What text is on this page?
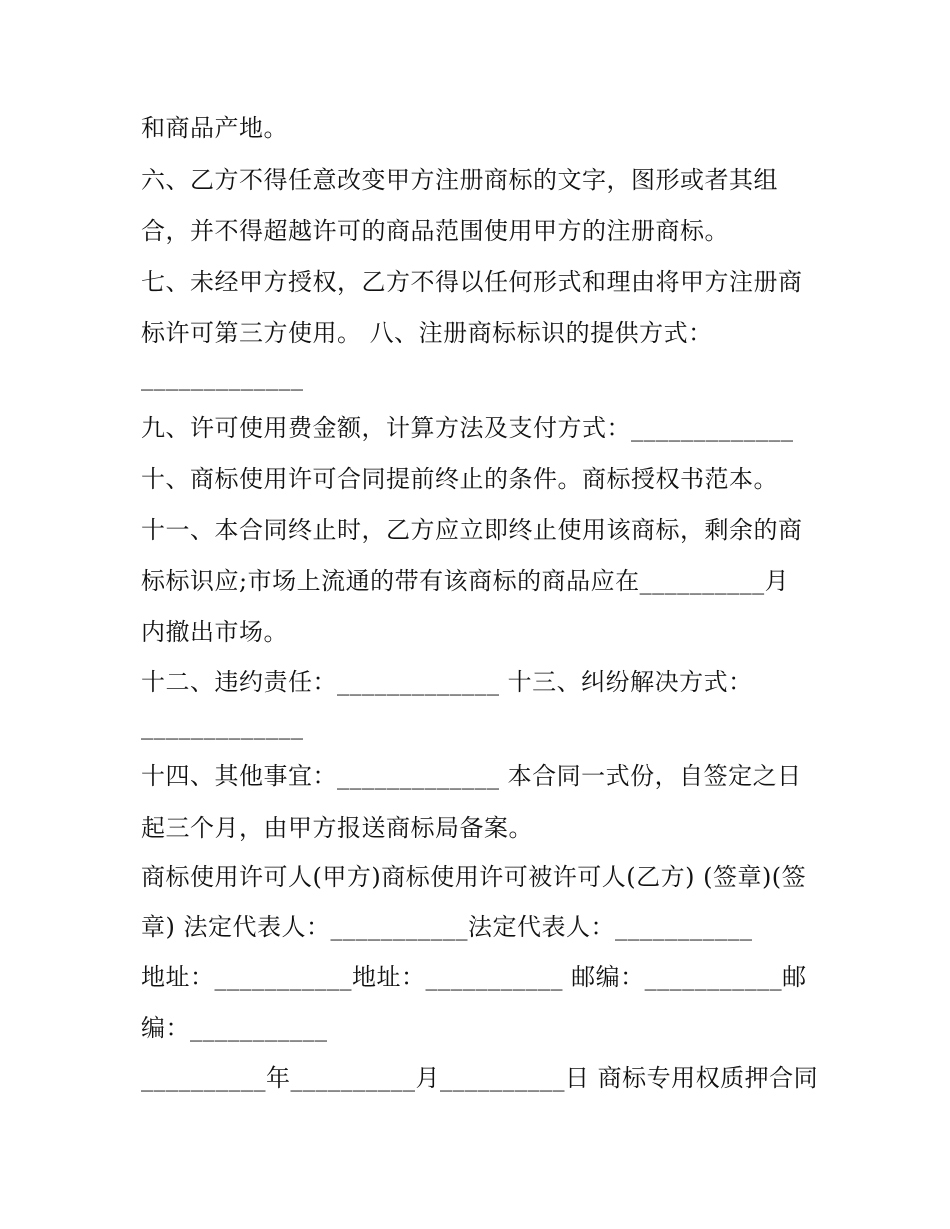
和商品产地。
六、乙方不得任意改变甲方注册商标的文字，图形或者其组
合，并不得超越许可的商品范围使用甲方的注册商标。
七、未经甲方授权，乙方不得以任何形式和理由将甲方注册商
标许可第三方使用。 八、注册商标标识的提供方式：
_____________
九、许可使用费金额，计算方法及支付方式：_____________
十、商标使用许可合同提前终止的条件。商标授权书范本。
十一、本合同终止时，乙方应立即终止使用该商标，剩余的商
标标识应;市场上流通的带有该商标的商品应在__________月
内撤出市场。
十二、违约责任：_____________ 十三、纠纷解决方式：
_____________
十四、其他事宜：_____________ 本合同一式份，自签定之日
起三个月，由甲方报送商标局备案。
商标使用许可人(甲方)商标使用许可被许可人(乙方) (签章)(签
章) 法定代表人：___________法定代表人：___________
地址：___________地址：___________ 邮编：___________邮
编：___________
__________年__________月__________日 商标专用权质押合同
